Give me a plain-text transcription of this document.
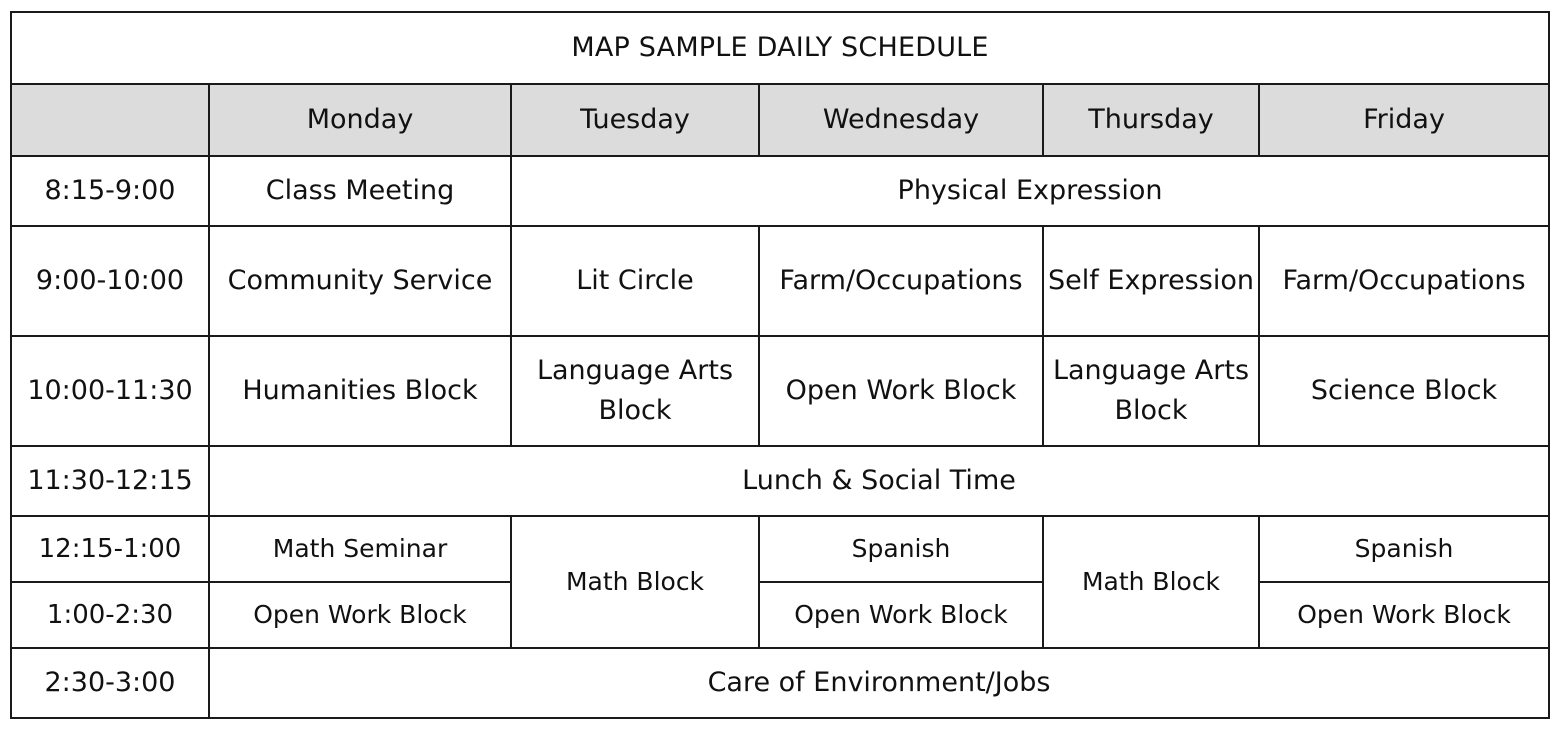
MAP SAMPLE DAILY SCHEDULE					
	Monday	Tuesday	Wednesday	Thursday	Friday
8:15-9:00	Class Meeting	Physical Expression			
9:00-10:00	Community Service	Lit Circle	Farm/Occupations	Self Expression	Farm/Occupations
10:00-11:30	Humanities Block	Language Arts Block	Open Work Block	Language Arts Block	Science Block
11:30-12:15	Lunch & Social Time				
12:15-1:00	Math Seminar	Math Block	Spanish	Math Block	Spanish
1:00-2:30	Open Work Block		Open Work Block		Open Work Block
2:30-3:00	Care of Environment/Jobs				
